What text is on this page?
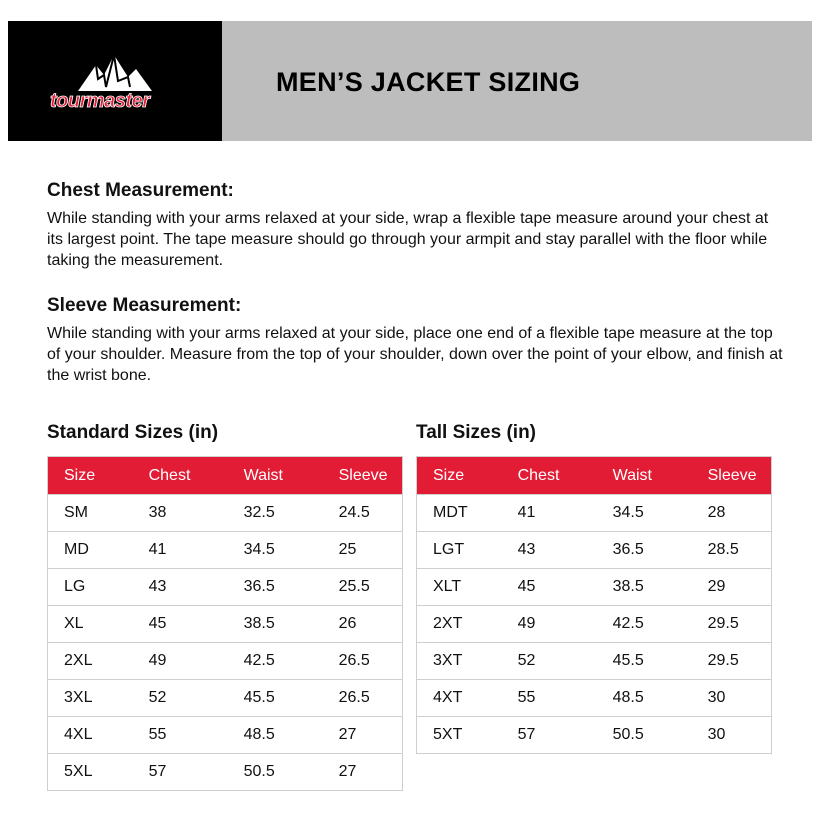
tourmaster
MEN’S JACKET SIZING
Chest Measurement:

While standing with your arms relaxed at your side, wrap a flexible tape measure around your chest at its largest point. The tape measure should go through your armpit and stay parallel with the floor while taking the measurement.

Sleeve Measurement:

While standing with your arms relaxed at your side, place one end of a flexible tape measure at the top of your shoulder. Measure from the top of your shoulder, down over the point of your elbow, and finish at the wrist bone.

Standard Sizes (in)
Size	Chest	Waist	Sleeve
SM	38	32.5	24.5
MD	41	34.5	25
LG	43	36.5	25.5
XL	45	38.5	26
2XL	49	42.5	26.5
3XL	52	45.5	26.5
4XL	55	48.5	27
5XL	57	50.5	27
Tall Sizes (in)
Size	Chest	Waist	Sleeve
MDT	41	34.5	28
LGT	43	36.5	28.5
XLT	45	38.5	29
2XT	49	42.5	29.5
3XT	52	45.5	29.5
4XT	55	48.5	30
5XT	57	50.5	30
